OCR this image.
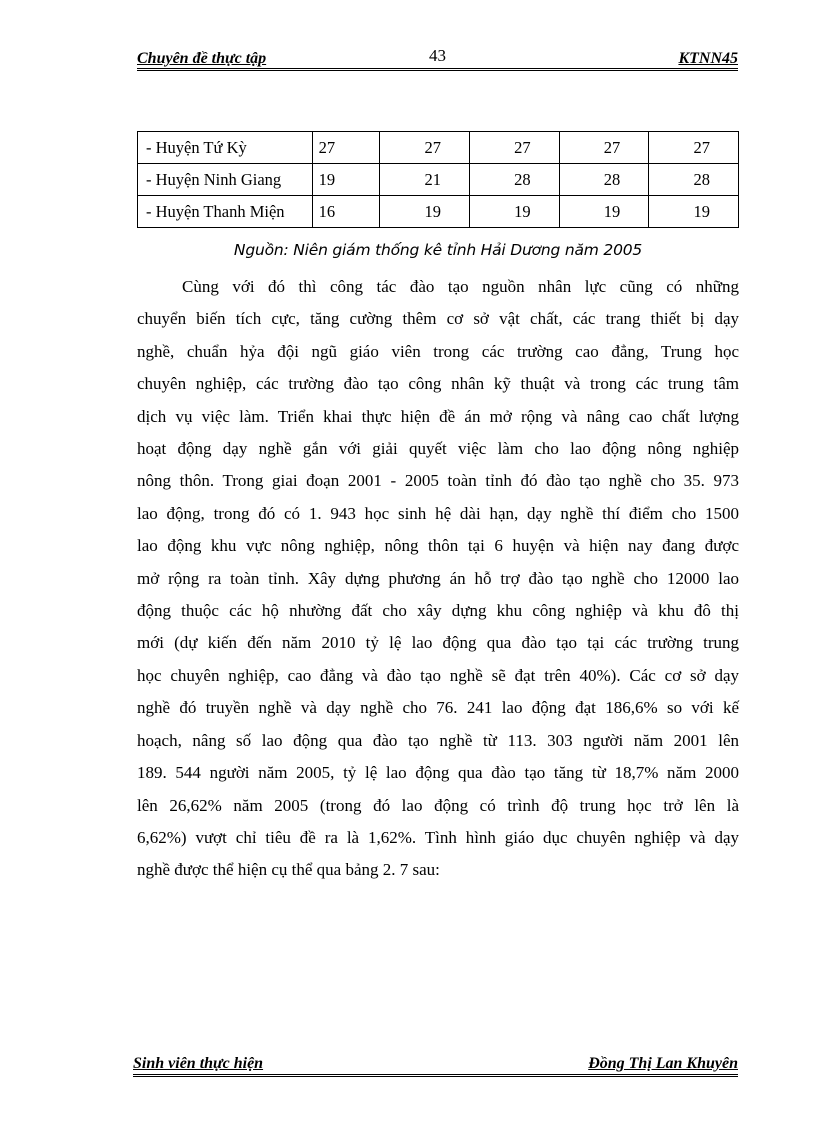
Chuyên đề thực tập	43	KTNN45
- Huyện Tứ Kỳ	27	27	27	27	27
- Huyện Ninh Giang	19	21	28	28	28
- Huyện Thanh Miện	16	19	19	19	19
Nguồn: Niên giám thống kê tỉnh Hải Dương năm 2005
Cùng với đó thì công tác đào tạo nguồn nhân lực cũng có những
chuyển biến tích cực, tăng cường thêm cơ sở vật chất, các trang thiết bị dạy
nghề, chuẩn hỷa đội ngũ giáo viên trong các trường cao đẳng, Trung học
chuyên nghiệp, các trường đào tạo công nhân kỹ thuật và trong các trung tâm
dịch vụ việc làm. Triển khai thực hiện đề án mở rộng và nâng cao chất lượng
hoạt động dạy nghề gắn với giải quyết việc làm cho lao động nông nghiệp
nông thôn. Trong giai đoạn 2001 - 2005 toàn tỉnh đó đào tạo nghề cho 35. 973
lao động, trong đó có 1. 943 học sinh hệ dài hạn, dạy nghề thí điểm cho 1500
lao động khu vực nông nghiệp, nông thôn tại 6 huyện và hiện nay đang được
mở rộng ra toàn tỉnh. Xây dựng phương án hỗ trợ đào tạo nghề cho 12000 lao
động thuộc các hộ nhường đất cho xây dựng khu công nghiệp và khu đô thị
mới (dự kiến đến năm 2010 tỷ lệ lao động qua đào tạo tại các trường trung
học chuyên nghiệp, cao đẳng và đào tạo nghề sẽ đạt trên 40%). Các cơ sở dạy
nghề đó truyền nghề và dạy nghề cho 76. 241 lao động đạt 186,6% so với kế
hoạch, nâng số lao động qua đào tạo nghề từ 113. 303 người năm 2001 lên
189. 544 người năm 2005, tỷ lệ lao động qua đào tạo tăng từ 18,7% năm 2000
lên 26,62% năm 2005 (trong đó lao động có trình độ trung học trở lên là
6,62%) vượt chỉ tiêu đề ra là 1,62%. Tình hình giáo dục chuyên nghiệp và dạy
nghề được thể hiện cụ thể qua bảng 2. 7 sau:
Sinh viên thực hiện	Đồng Thị Lan Khuyên
